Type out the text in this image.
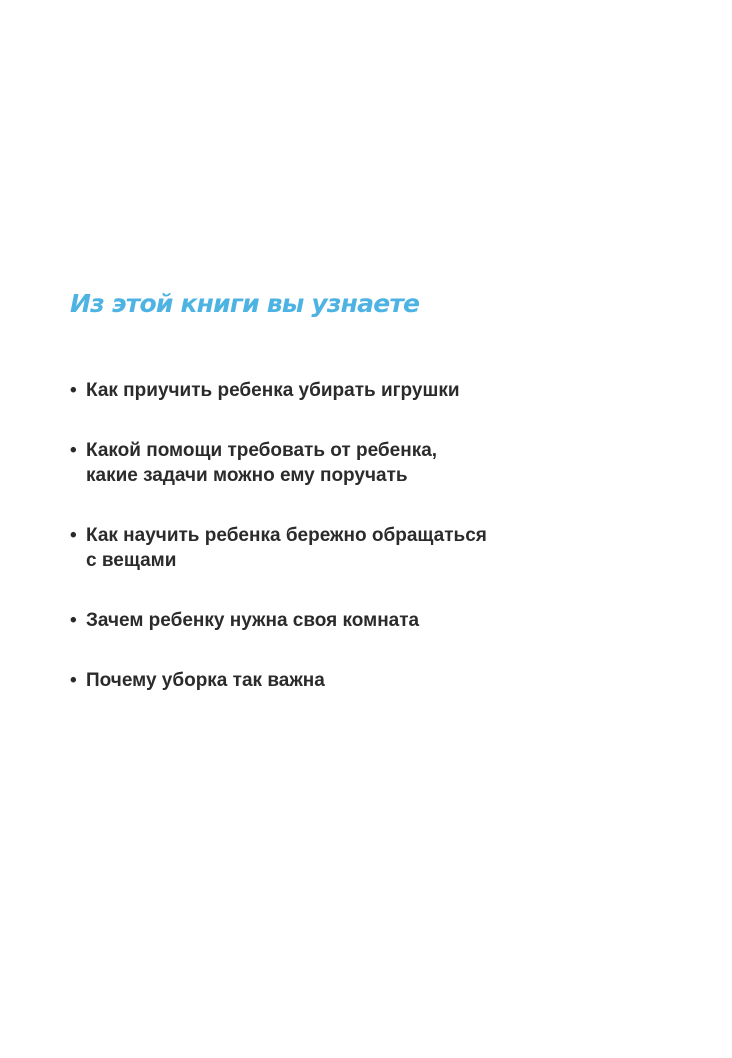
Из этой книги вы узнаете
• Как приучить ребенка убирать игрушки
• Какой помощи требовать от ребенка,
какие задачи можно ему поручать
• Как научить ребенка бережно обращаться
с вещами
• Зачем ребенку нужна своя комната
• Почему уборка так важна
